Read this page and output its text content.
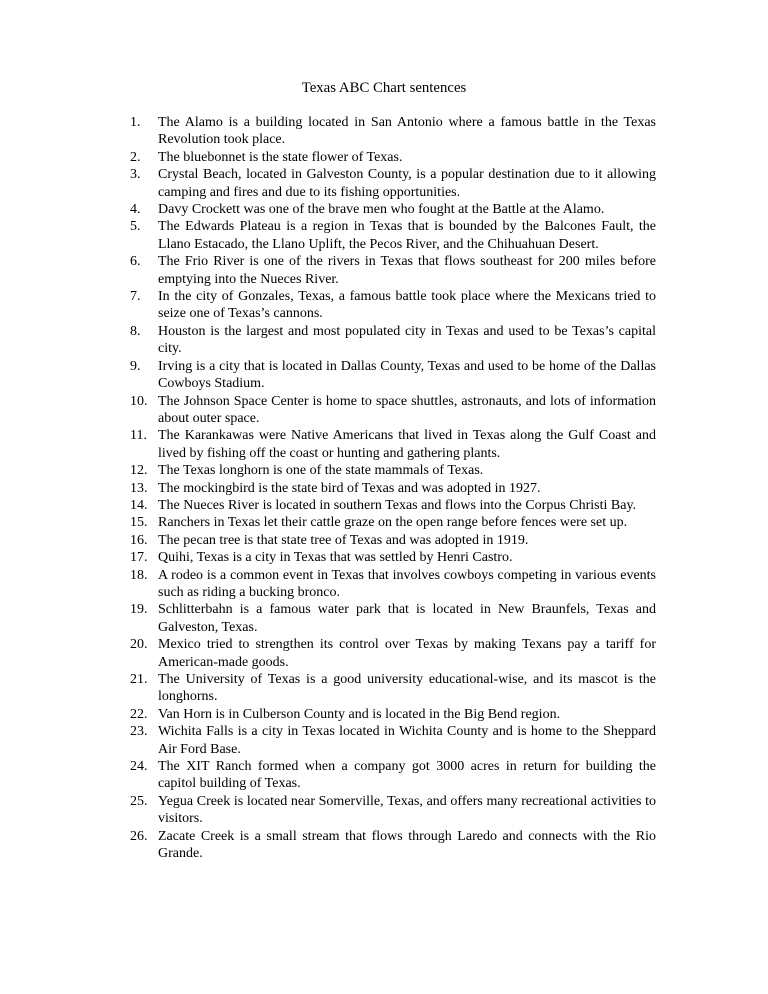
Texas ABC Chart sentences
1.	The Alamo is a building located in San Antonio where a famous battle in the Texas Revolution took place.
2.	The bluebonnet is the state flower of Texas.
3.	Crystal Beach, located in Galveston County, is a popular destination due to it allowing camping and fires and due to its fishing opportunities.
4.	Davy Crockett was one of the brave men who fought at the Battle at the Alamo.
5.	The Edwards Plateau is a region in Texas that is bounded by the Balcones Fault, the Llano Estacado, the Llano Uplift, the Pecos River, and the Chihuahuan Desert.
6.	The Frio River is one of the rivers in Texas that flows southeast for 200 miles before emptying into the Nueces River.
7.	In the city of Gonzales, Texas, a famous battle took place where the Mexicans tried to seize one of Texas’s cannons.
8.	Houston is the largest and most populated city in Texas and used to be Texas’s capital city.
9.	Irving is a city that is located in Dallas County, Texas and used to be home of the Dallas Cowboys Stadium.
10. The Johnson Space Center is home to space shuttles, astronauts, and lots of information about outer space.
11. The Karankawas were Native Americans that lived in Texas along the Gulf Coast and lived by fishing off the coast or hunting and gathering plants.
12. The Texas longhorn is one of the state mammals of Texas.
13. The mockingbird is the state bird of Texas and was adopted in 1927.
14. The Nueces River is located in southern Texas and flows into the Corpus Christi Bay.
15. Ranchers in Texas let their cattle graze on the open range before fences were set up.
16. The pecan tree is that state tree of Texas and was adopted in 1919.
17. Quihi, Texas is a city in Texas that was settled by Henri Castro.
18. A rodeo is a common event in Texas that involves cowboys competing in various events such as riding a bucking bronco.
19. Schlitterbahn is a famous water park that is located in New Braunfels, Texas and Galveston, Texas.
20. Mexico tried to strengthen its control over Texas by making Texans pay a tariff for American-made goods.
21. The University of Texas is a good university educational-wise, and its mascot is the longhorns.
22. Van Horn is in Culberson County and is located in the Big Bend region.
23. Wichita Falls is a city in Texas located in Wichita County and is home to the Sheppard Air Ford Base.
24. The XIT Ranch formed when a company got 3000 acres in return for building the capitol building of Texas.
25. Yegua Creek is located near Somerville, Texas, and offers many recreational activities to visitors.
26. Zacate Creek is a small stream that flows through Laredo and connects with the Rio Grande.
